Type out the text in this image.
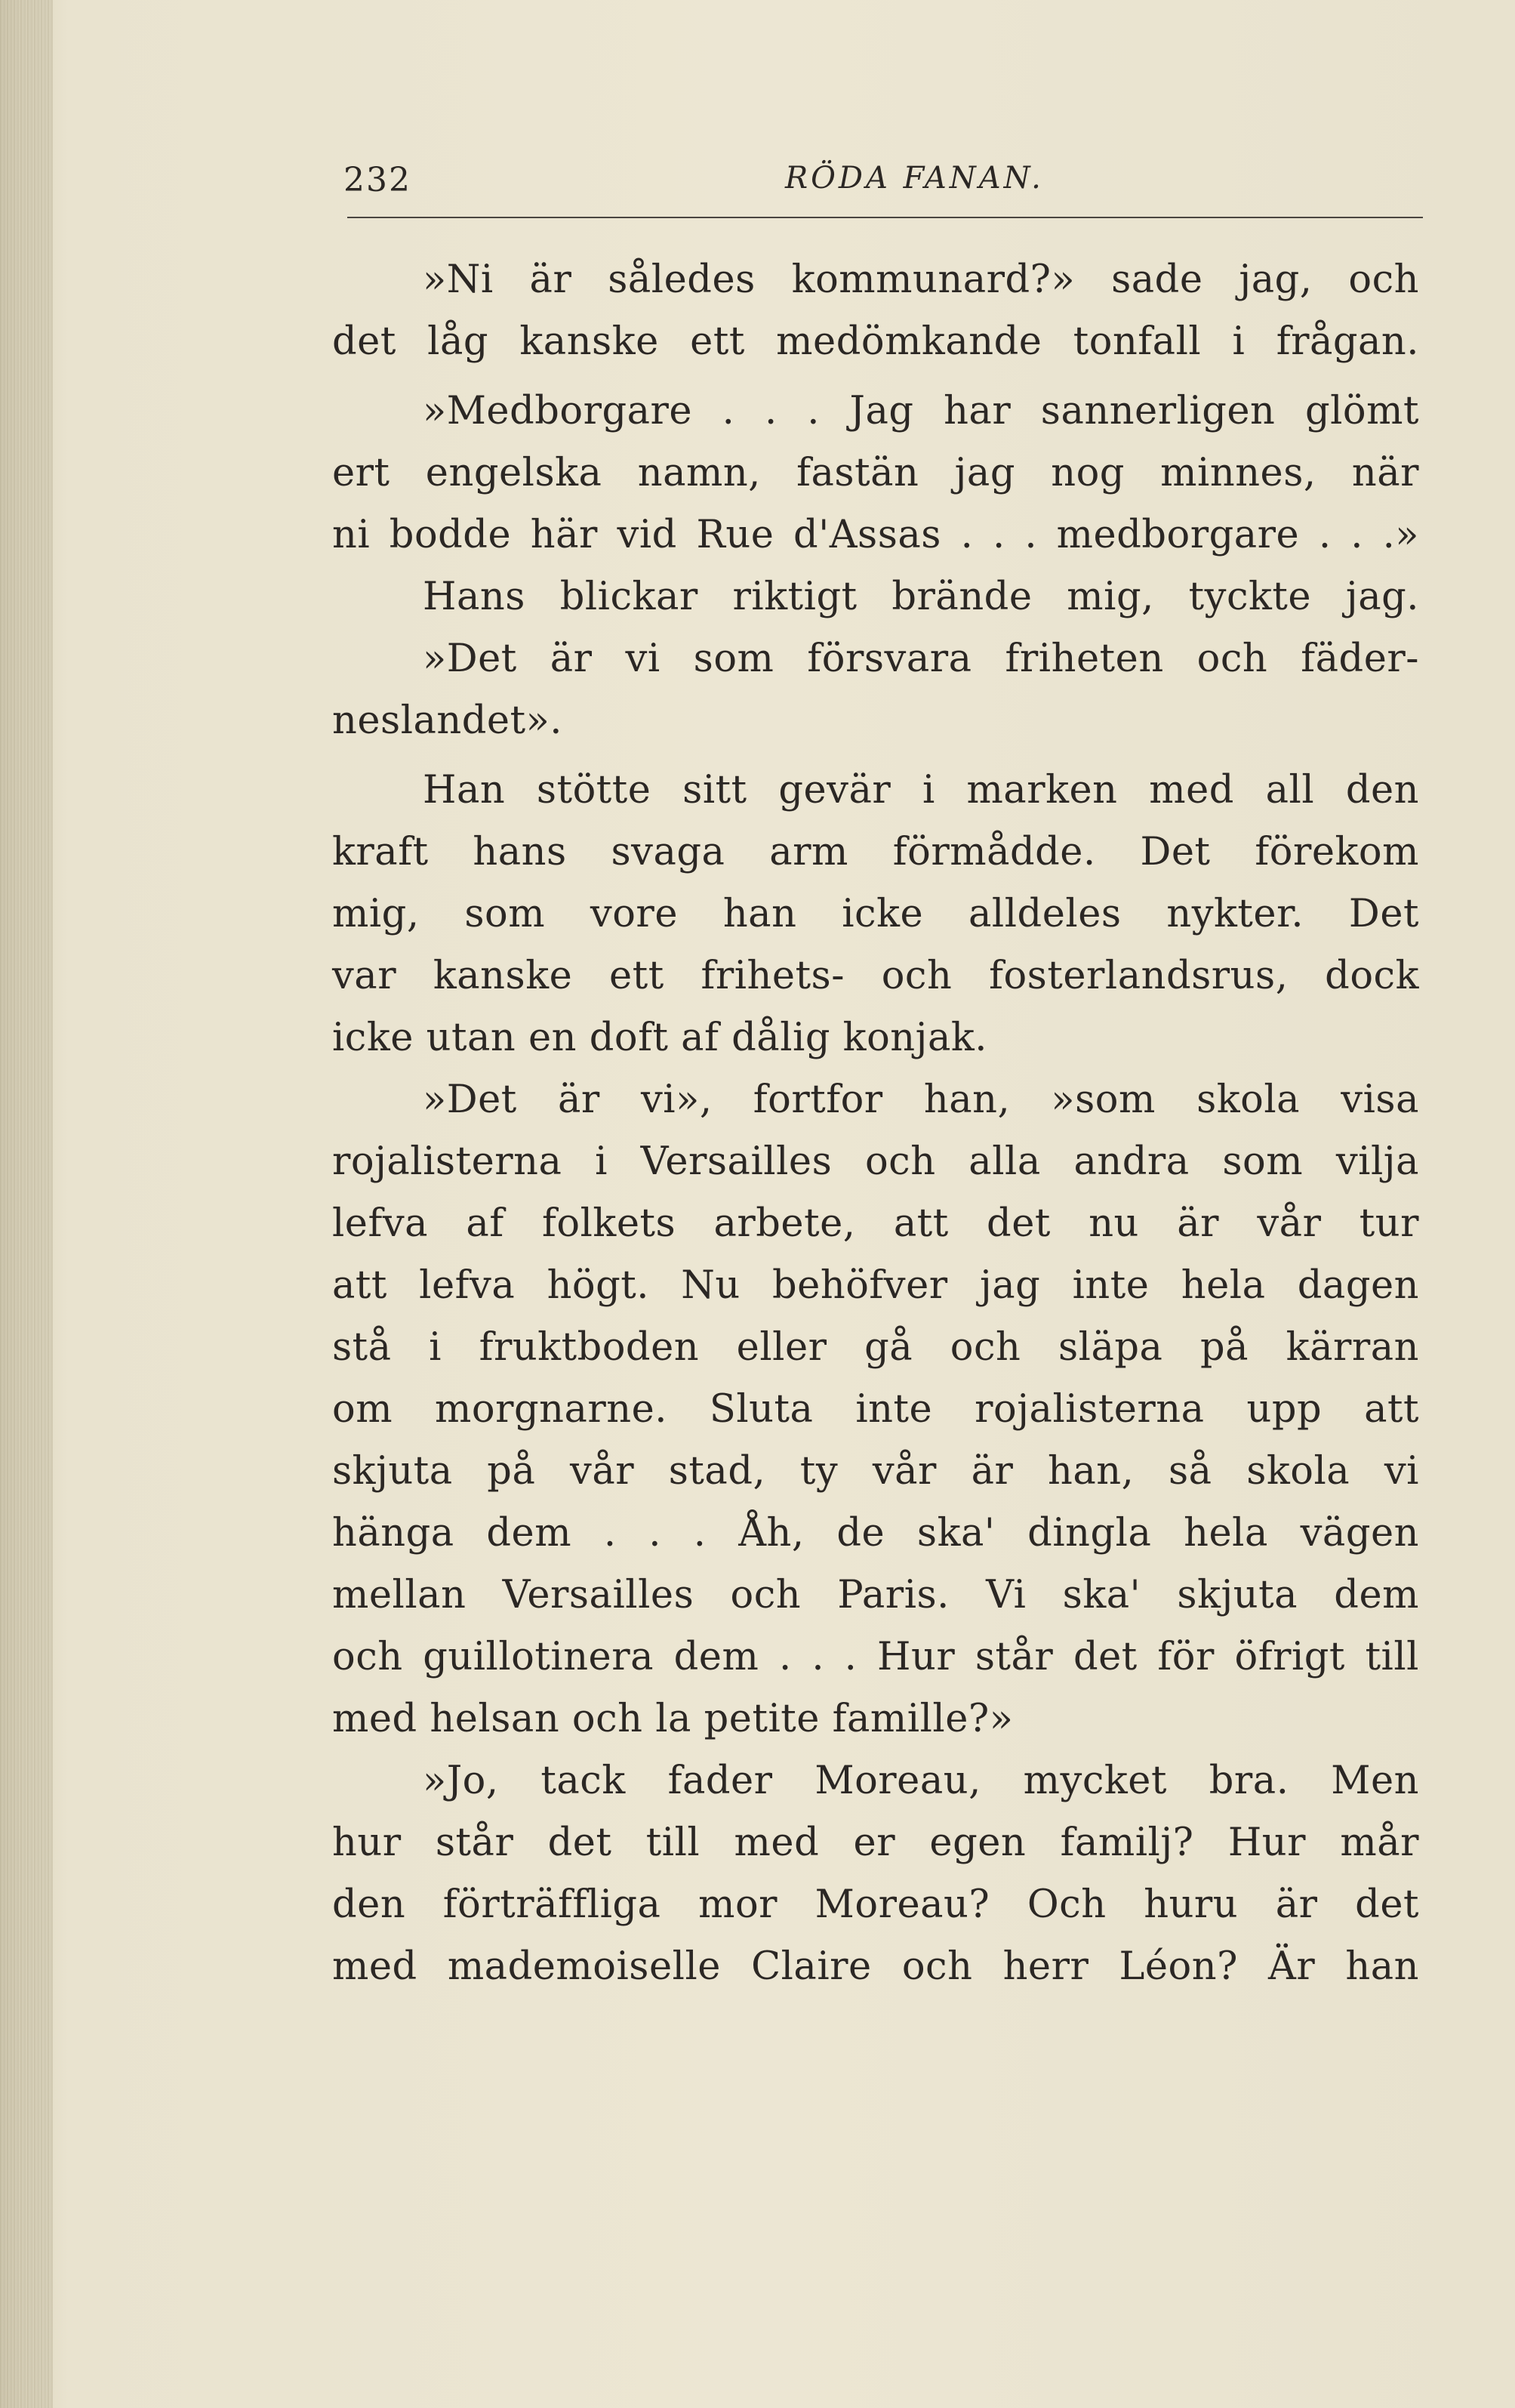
232	RÖDA FANAN.
»Ni är således kommunard?» sade jag, och
det låg kanske ett medömkande tonfall i frågan.
»Medborgare . . . Jag har sannerligen glömt
ert engelska namn, fastän jag nog minnes, när
ni bodde här vid Rue d'Assas . . . medborgare . . .»
Hans blickar riktigt brände mig, tyckte jag.
»Det är vi som försvara friheten och fäder-
neslandet».
Han stötte sitt gevär i marken med all den
kraft hans svaga arm förmådde. Det förekom
mig, som vore han icke alldeles nykter. Det
var kanske ett frihets- och fosterlandsrus, dock
icke utan en doft af dålig konjak.
»Det är vi», fortfor han, »som skola visa
rojalisterna i Versailles och alla andra som vilja
lefva af folkets arbete, att det nu är vår tur
att lefva högt. Nu behöfver jag inte hela dagen
stå i fruktboden eller gå och släpa på kärran
om morgnarne. Sluta inte rojalisterna upp att
skjuta på vår stad, ty vår är han, så skola vi
hänga dem . . . Åh, de ska' dingla hela vägen
mellan Versailles och Paris. Vi ska' skjuta dem
och guillotinera dem . . . Hur står det för öfrigt till
med helsan och la petite famille?»
»Jo, tack fader Moreau, mycket bra. Men
hur står det till med er egen familj? Hur mår
den förträffliga mor Moreau? Och huru är det
med mademoiselle Claire och herr Léon? Är han
